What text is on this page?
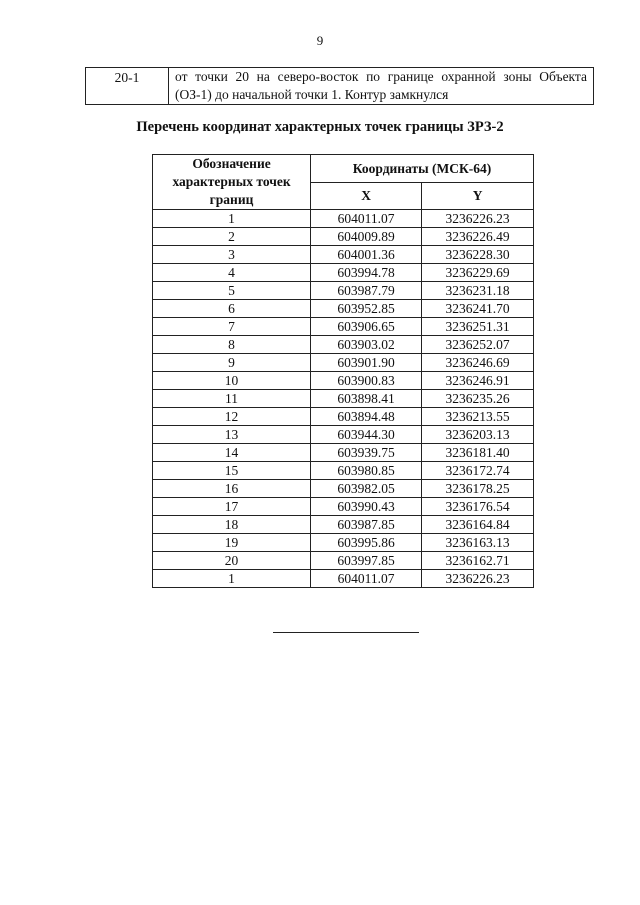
9
20-1	от точки 20 на северо-восток по границе охранной зоны Объекта (ОЗ-1) до начальной точки 1. Контур замкнулся
Перечень координат характерных точек границы ЗРЗ-2
Обозначение характерных точек границ	Координаты (МСК-64)	
	X	Y
1	604011.07	3236226.23
2	604009.89	3236226.49
3	604001.36	3236228.30
4	603994.78	3236229.69
5	603987.79	3236231.18
6	603952.85	3236241.70
7	603906.65	3236251.31
8	603903.02	3236252.07
9	603901.90	3236246.69
10	603900.83	3236246.91
11	603898.41	3236235.26
12	603894.48	3236213.55
13	603944.30	3236203.13
14	603939.75	3236181.40
15	603980.85	3236172.74
16	603982.05	3236178.25
17	603990.43	3236176.54
18	603987.85	3236164.84
19	603995.86	3236163.13
20	603997.85	3236162.71
1	604011.07	3236226.23
